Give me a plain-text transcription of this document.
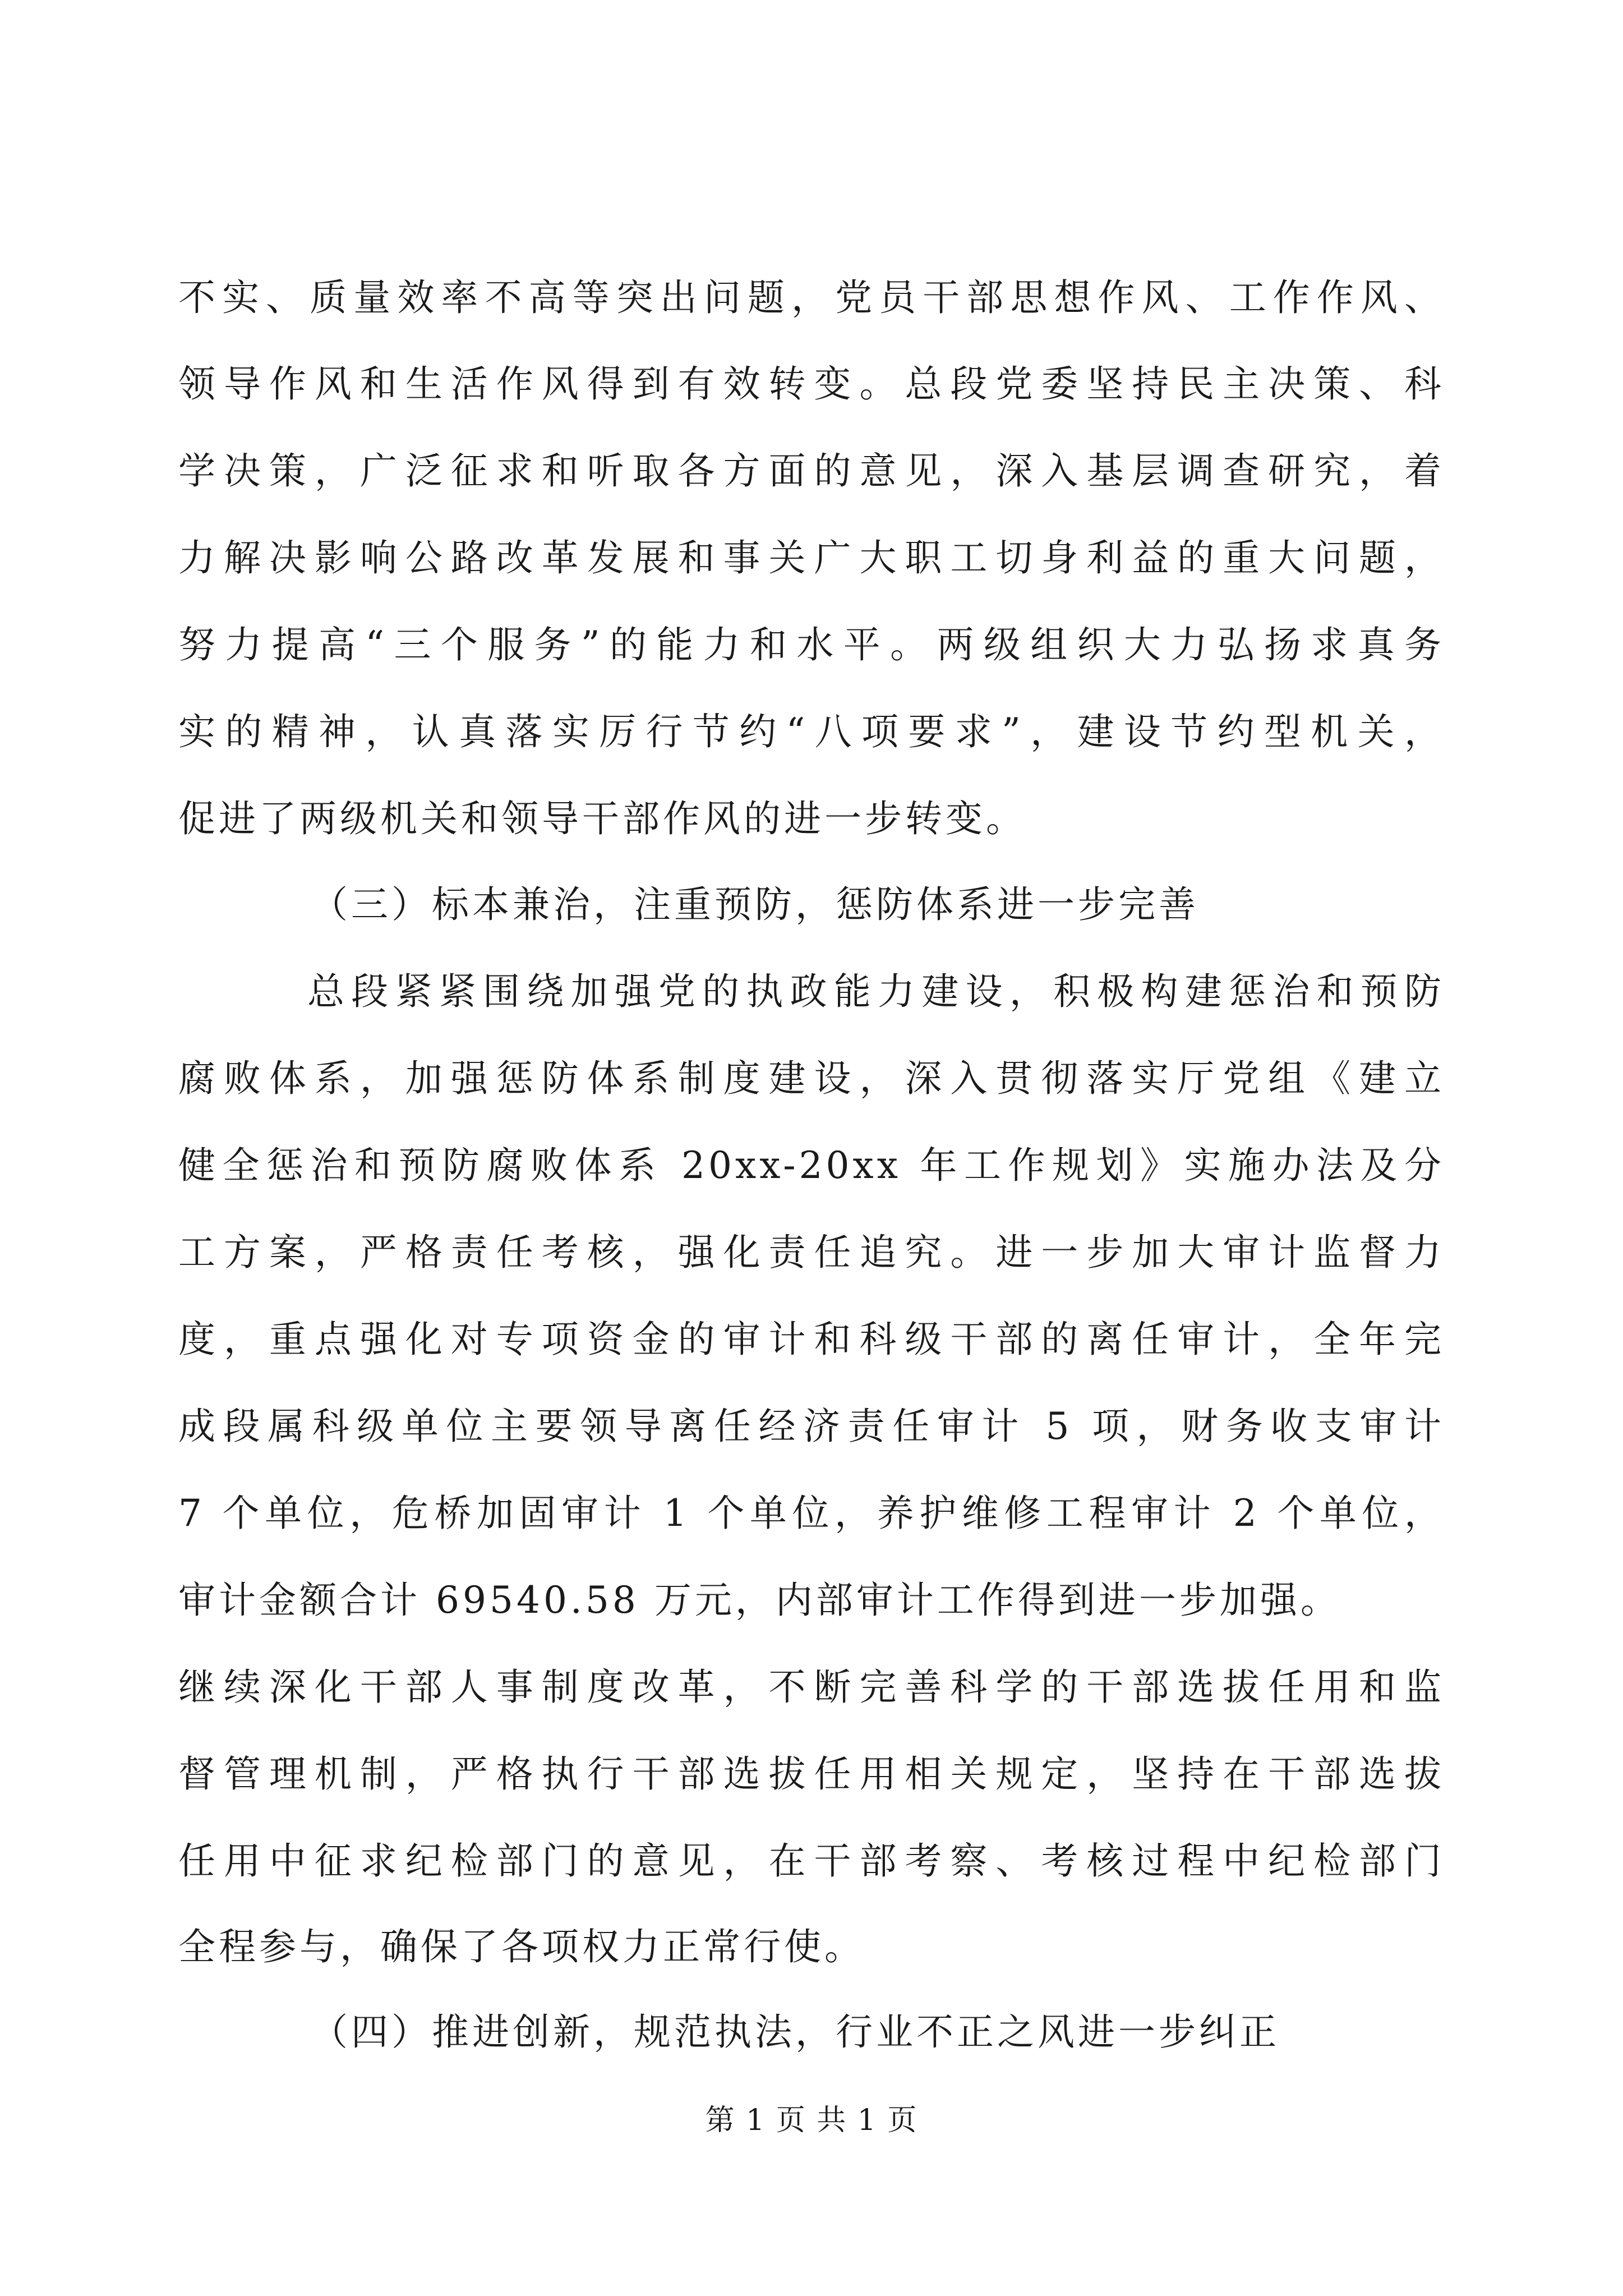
不实、质量效率不高等突出问题，党员干部思想作风、工作作风、
领导作风和生活作风得到有效转变。总段党委坚持民主决策、科
学决策，广泛征求和听取各方面的意见，深入基层调查研究，着
力解决影响公路改革发展和事关广大职工切身利益的重大问题，
努力提高“三个服务”的能力和水平。两级组织大力弘扬求真务
实的精神，认真落实厉行节约“八项要求”，建设节约型机关，
促进了两级机关和领导干部作风的进一步转变。
（三）标本兼治，注重预防，惩防体系进一步完善
总段紧紧围绕加强党的执政能力建设，积极构建惩治和预防
腐败体系，加强惩防体系制度建设，深入贯彻落实厅党组《建立
健全惩治和预防腐败体系 20xx-20xx 年工作规划》实施办法及分
工方案，严格责任考核，强化责任追究。进一步加大审计监督力
度，重点强化对专项资金的审计和科级干部的离任审计，全年完
成段属科级单位主要领导离任经济责任审计 5 项，财务收支审计
7 个单位，危桥加固审计 1 个单位，养护维修工程审计 2 个单位，
审计金额合计 69540.58 万元，内部审计工作得到进一步加强。
继续深化干部人事制度改革，不断完善科学的干部选拔任用和监
督管理机制，严格执行干部选拔任用相关规定，坚持在干部选拔
任用中征求纪检部门的意见，在干部考察、考核过程中纪检部门
全程参与，确保了各项权力正常行使。
（四）推进创新，规范执法，行业不正之风进一步纠正
第 1 页 共 1 页
